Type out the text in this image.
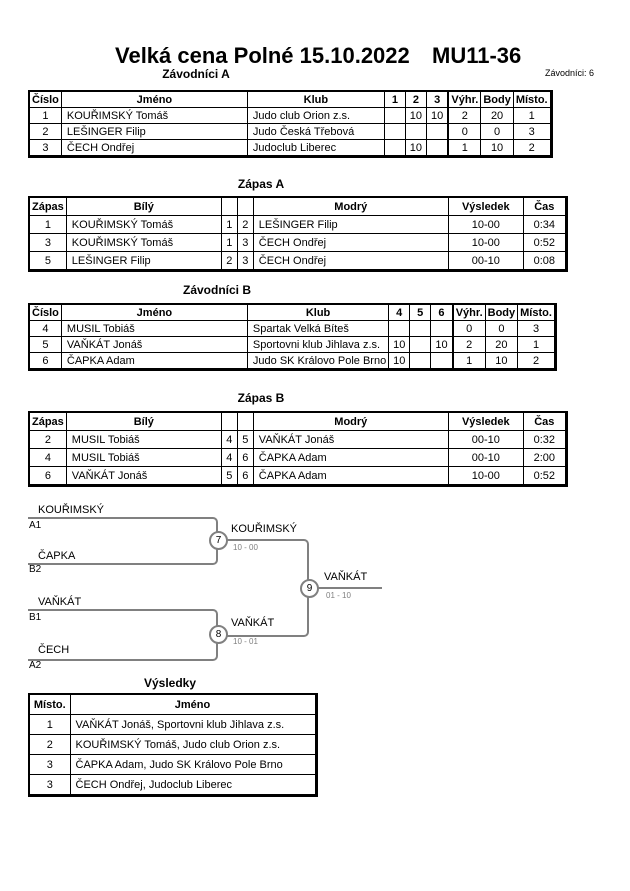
Velká cena Polné 15.10.2022 MU11-36
Závodníci: 6
Závodníci A
Číslo	Jméno	Klub	1	2	3	Výhr.	Body	Místo.
1	KOUŘIMSKÝ Tomáš	Judo club Orion z.s.		10	10	2	20	1
2	LEŠINGER Filip	Judo Česká Třebová				0	0	3
3	ČECH Ondřej	Judoclub Liberec		10		1	10	2
Zápas A
Zápas	Bílý			Modrý	Výsledek	Čas
1	KOUŘIMSKÝ Tomáš	1	2	LEŠINGER Filip	10-00	0:34
3	KOUŘIMSKÝ Tomáš	1	3	ČECH Ondřej	10-00	0:52
5	LEŠINGER Filip	2	3	ČECH Ondřej	00-10	0:08
Závodníci B
Číslo	Jméno	Klub	4	5	6	Výhr.	Body	Místo.
4	MUSIL Tobiáš	Spartak Velká Bíteš				0	0	3
5	VAŇKÁT Jonáš	Sportovni klub Jihlava z.s.	10		10	2	20	1
6	ČAPKA Adam	Judo SK Královo Pole Brno	10			1	10	2
Zápas B
Zápas	Bílý			Modrý	Výsledek	Čas
2	MUSIL Tobiáš	4	5	VAŇKÁT Jonáš	00-10	0:32
4	MUSIL Tobiáš	4	6	ČAPKA Adam	00-10	2:00
6	VAŇKÁT Jonáš	5	6	ČAPKA Adam	10-00	0:52
KOUŘIMSKÝ
ČAPKA
VAŇKÁT
ČECH
A1
B2
B1
A2
7
8
9
KOUŘIMSKÝ
10 - 00
VAŇKÁT
10 - 01
VAŇKÁT
01 - 10
Výsledky
Místo.	Jméno
1	VAŇKÁT Jonáš, Sportovni klub Jihlava z.s.
2	KOUŘIMSKÝ Tomáš, Judo club Orion z.s.
3	ČAPKA Adam, Judo SK Královo Pole Brno
3	ČECH Ondřej, Judoclub Liberec
